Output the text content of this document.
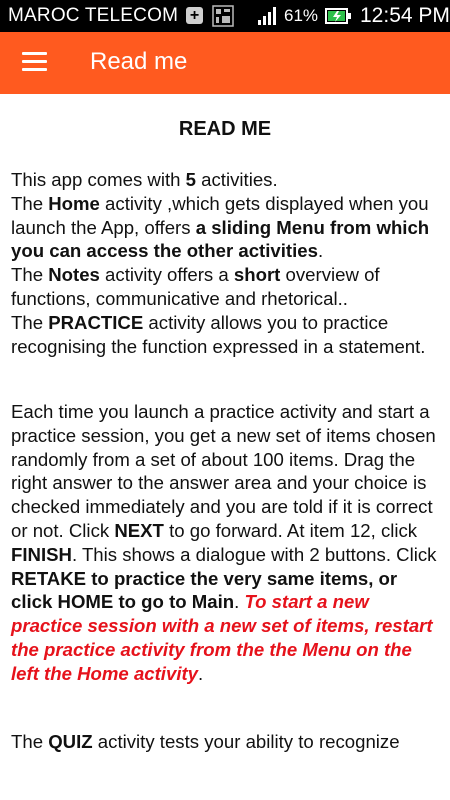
MAROC TELECOM +	61% 12:54 PM
Read me
READ ME

This app comes with 5 activities.
The Home activity ,which gets displayed when you launch the App, offers a sliding Menu from which you can access the other activities.
The Notes activity offers a short overview of functions, communicative and rhetorical..
The PRACTICE activity allows you to practice recognising the function expressed in a statement.

Each time you launch a practice activity and start a practice session, you get a new set of items chosen randomly from a set of about 100 items. Drag the right answer to the answer area and your choice is checked immediately and you are told if it is correct or not. Click NEXT to go forward. At item 12, click FINISH. This shows a dialogue with 2 buttons. Click RETAKE to practice the very same items, or click HOME to go to Main. To start a new practice session with a new set of items, restart the practice activity from the the Menu on the left the Home activity.

The QUIZ activity tests your ability to recognize
